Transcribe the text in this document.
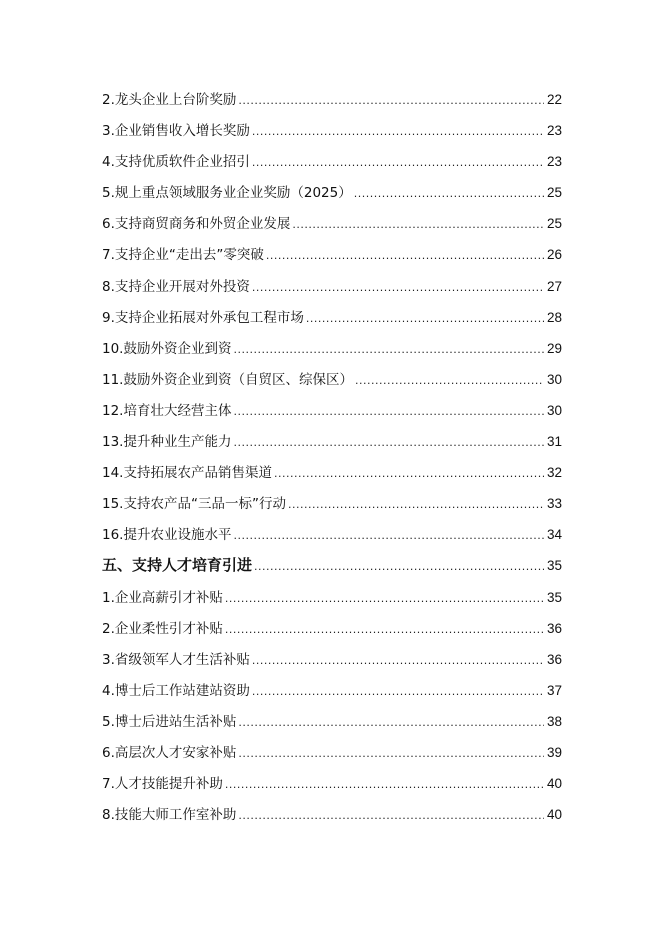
2.龙头企业上台阶奖励 .....	22
3.企业销售收入增长奖励 .....	23
4.支持优质软件企业招引 .....	23
5.规上重点领域服务业企业奖励（2025） .....	25
6.支持商贸商务和外贸企业发展 .....	25
7.支持企业“走出去”零突破 .....	26
8.支持企业开展对外投资 .....	27
9.支持企业拓展对外承包工程市场 .....	28
10.鼓励外资企业到资 .....	29
11.鼓励外资企业到资（自贸区、综保区） .....	30
12.培育壮大经营主体 .....	30
13.提升种业生产能力 .....	31
14.支持拓展农产品销售渠道 .....	32
15.支持农产品“三品一标”行动 .....	33
16.提升农业设施水平 .....	34
五、支持人才培育引进 .....	35
1.企业高薪引才补贴 .....	35
2.企业柔性引才补贴 .....	36
3.省级领军人才生活补贴 .....	36
4.博士后工作站建站资助 .....	37
5.博士后进站生活补贴 .....	38
6.高层次人才安家补贴 .....	39
7.人才技能提升补助 .....	40
8.技能大师工作室补助 .....	40
